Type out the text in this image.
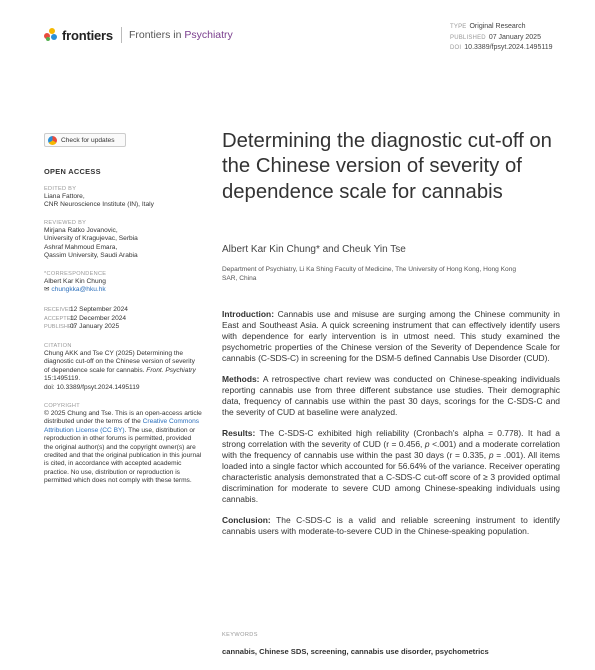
frontiers Frontiers in Psychiatry
TYPE Original Research
PUBLISHED 07 January 2025
DOI 10.3389/fpsyt.2024.1495119
Check for updates
OPEN ACCESS
EDITED BY
Liana Fattore,
CNR Neuroscience Institute (IN), Italy
REVIEWED BY
Mirjana Ratko Jovanovic,
University of Kragujevac, Serbia
Ashraf Mahmoud Emara,
Qassim University, Saudi Arabia
*CORRESPONDENCE
Albert Kar Kin Chung
✉ chungkka@hku.hk
RECEIVED12 September 2024
ACCEPTED12 December 2024
PUBLISHED07 January 2025
CITATION
Chung AKK and Tse CY (2025) Determining the diagnostic cut-off on the Chinese version of severity of dependence scale for cannabis. Front. Psychiatry 15:1495119.
doi: 10.3389/fpsyt.2024.1495119
COPYRIGHT
© 2025 Chung and Tse. This is an open-access article distributed under the terms of the Creative Commons Attribution License (CC BY). The use, distribution or reproduction in other forums is permitted, provided the original author(s) and the copyright owner(s) are credited and that the original publication in this journal is cited, in accordance with accepted academic practice. No use, distribution or reproduction is permitted which does not comply with these terms.
Determining the diagnostic cut-off on the Chinese version of severity of dependence scale for cannabis
Albert Kar Kin Chung* and Cheuk Yin Tse
Department of Psychiatry, Li Ka Shing Faculty of Medicine, The University of Hong Kong, Hong Kong SAR, China

Introduction: Cannabis use and misuse are surging among the Chinese community in East and Southeast Asia. A quick screening instrument that can effectively identify users with dependence for early intervention is in utmost need. This study examined the psychometric properties of the Chinese version of the Severity of Dependence Scale for cannabis (C-SDS-C) in screening for the DSM-5 defined Cannabis Use Disorder (CUD).

Methods: A retrospective chart review was conducted on Chinese-speaking individuals reporting cannabis use from three different substance use studies. Their demographic data, frequency of cannabis use within the past 30 days, scorings for the C-SDS-C and the severity of CUD at baseline were analyzed.

Results: The C-SDS-C exhibited high reliability (Cronbach's alpha = 0.778). It had a strong correlation with the severity of CUD (r = 0.456, p <.001) and a moderate correlation with the frequency of cannabis use within the past 30 days (r = 0.335, p = .001). All items loaded into a single factor which accounted for 56.64% of the variance. Receiver operating characteristic analysis demonstrated that a C-SDS-C cut-off score of ≥ 3 provided optimal discrimination for moderate to severe CUD among Chinese-speaking individuals using cannabis.

Conclusion: The C-SDS-C is a valid and reliable screening instrument to identify cannabis users with moderate-to-severe CUD in the Chinese-speaking population.

KEYWORDS
cannabis, Chinese SDS, screening, cannabis use disorder, psychometrics
